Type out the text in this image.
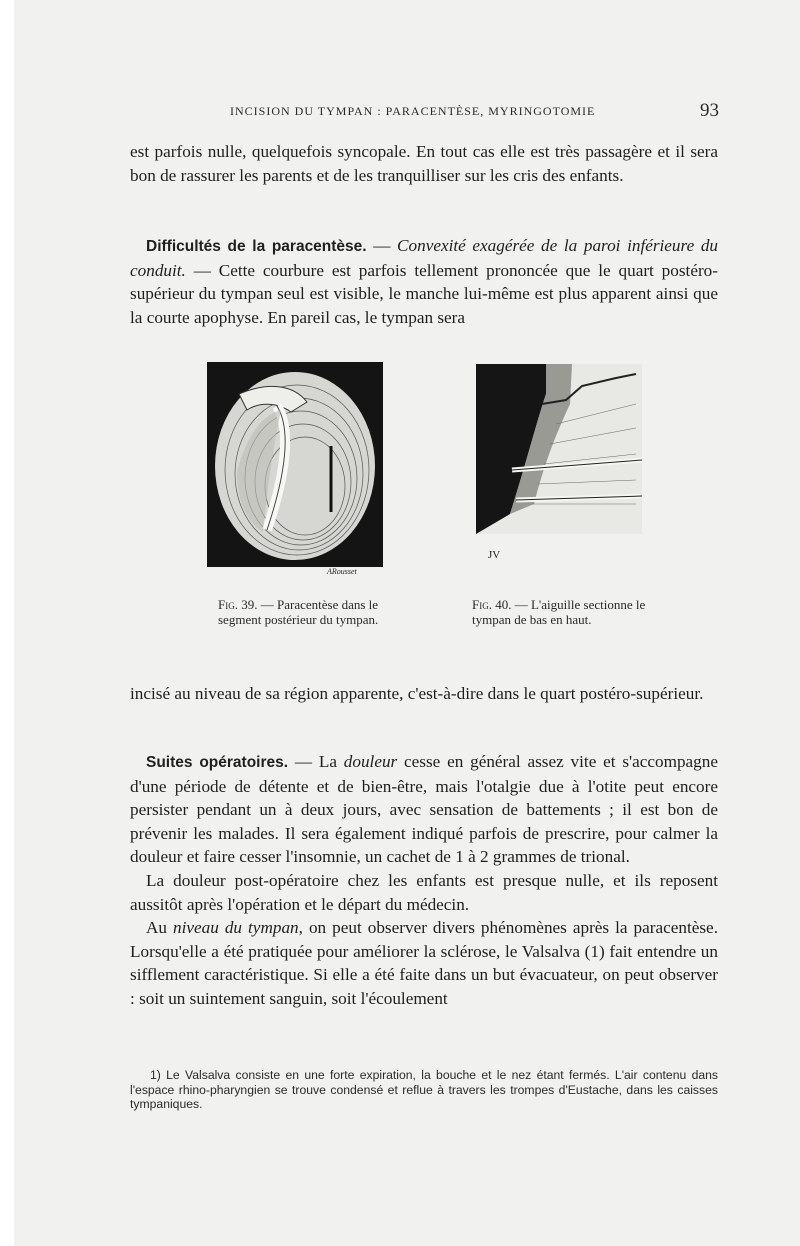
INCISION DU TYMPAN : PARACENTÈSE, MYRINGOTOMIE	93

est parfois nulle, quelquefois syncopale. En tout cas elle est très passagère et il sera bon de rassurer les parents et de les tranquilliser sur les cris des enfants.

Difficultés de la paracentèse. — Convexité exagérée de la paroi inférieure du conduit. — Cette courbure est parfois tellement prononcée que le quart postéro-supérieur du tympan seul est visible, le manche lui-même est plus apparent ainsi que la courte apophyse. En pareil cas, le tympan sera

ARousset
Fig. 39. — Paracentèse dans le segment postérieur du tympan.
JV
Fig. 40. — L'aiguille sectionne le tympan de bas en haut.

incisé au niveau de sa région apparente, c'est-à-dire dans le quart postéro-supérieur.

Suites opératoires. — La douleur cesse en général assez vite et s'accompagne d'une période de détente et de bien-être, mais l'otalgie due à l'otite peut encore persister pendant un à deux jours, avec sensation de battements ; il est bon de prévenir les malades. Il sera également indiqué parfois de prescrire, pour calmer la douleur et faire cesser l'insomnie, un cachet de 1 à 2 grammes de trional.

La douleur post-opératoire chez les enfants est presque nulle, et ils reposent aussitôt après l'opération et le départ du médecin.

Au niveau du tympan, on peut observer divers phénomènes après la paracentèse. Lorsqu'elle a été pratiquée pour améliorer la sclérose, le Valsalva (1) fait entendre un sifflement caractéristique. Si elle a été faite dans un but évacuateur, on peut observer : soit un suintement sanguin, soit l'écoulement

1) Le Valsalva consiste en une forte expiration, la bouche et le nez étant fermés. L'air contenu dans l'espace rhino-pharyngien se trouve condensé et reflue à travers les trompes d'Eustache, dans les caisses tympaniques.
